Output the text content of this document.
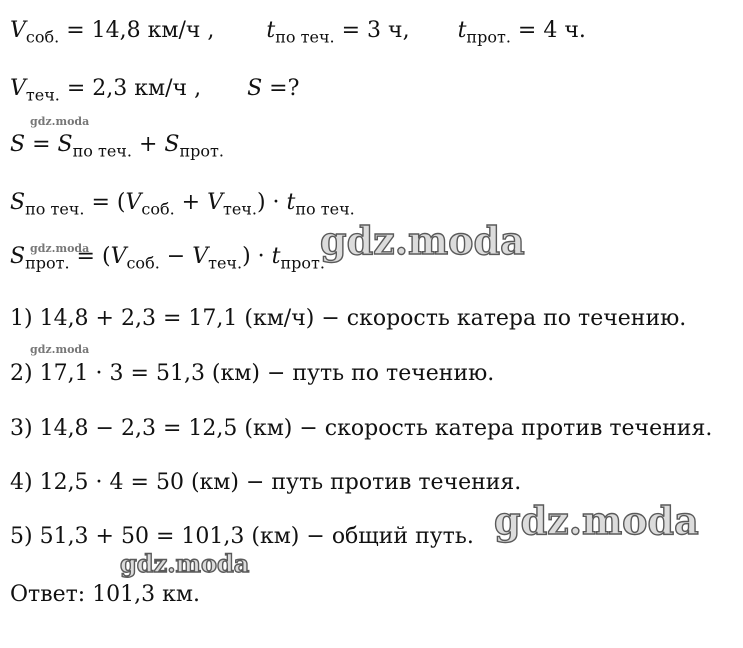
$V_{соб.} = 14,8$ км/ч , $t_{по теч.} = 3$ ч, $t_{прот.} = 4$ ч.
$V_{теч.} = 2,3$ км/ч , S =?
$S = S_{по теч.} + S_{прот.}$
$S_{по теч.} = (V_{соб.} + V_{теч.}) \cdot t_{по теч.}$
$S_{прот.} = (V_{соб.} - V_{теч.}) \cdot t_{прот.}$
1) 14,8 + 2,3 = 17,1 (км/ч) − скорость катера по течению.
2) 17,1 · 3 = 51,3 (км) − путь по течению.
3) 14,8 − 2,3 = 12,5 (км) − скорость катера против течения.
4) 12,5 · 4 = 50 (км) − путь против течения.
5) 51,3 + 50 = 101,3 (км) − общий путь.
Ответ: 101,3 км.
gdz.moda
gdz.moda
gdz.moda
gdz.moda
gdz.moda
gdz.moda
